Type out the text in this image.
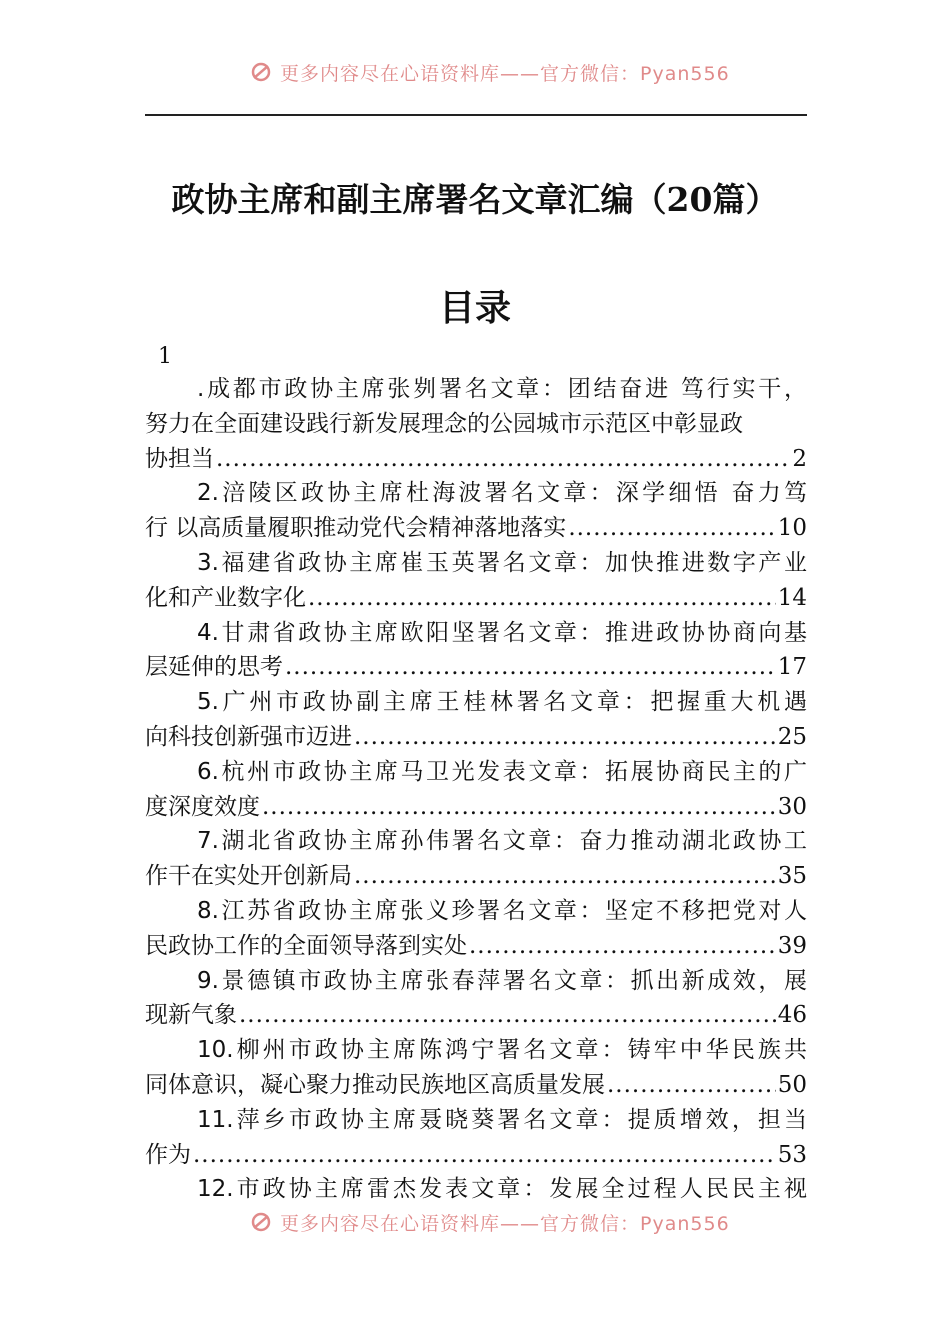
更多内容尽在心语资料库——官方微信：Pyan556
政协主席和副主席署名文章汇编（20篇）
目录
1
.成都市政协主席张刿署名文章：团结奋进 笃行实干，
努力在全面建设践行新发展理念的公园城市示范区中彰显政
协担当 .....	2
2.涪陵区政协主席杜海波署名文章：深学细悟 奋力笃
行 以高质量履职推动党代会精神落地落实 .....	10
3.福建省政协主席崔玉英署名文章：加快推进数字产业
化和产业数字化 .....	14
4.甘肃省政协主席欧阳坚署名文章：推进政协协商向基
层延伸的思考 .....	17
5.广州市政协副主席王桂林署名文章：把握重大机遇
向科技创新强市迈进 .....	25
6.杭州市政协主席马卫光发表文章：拓展协商民主的广
度深度效度 .....	30
7.湖北省政协主席孙伟署名文章：奋力推动湖北政协工
作干在实处开创新局 .....	35
8.江苏省政协主席张义珍署名文章：坚定不移把党对人
民政协工作的全面领导落到实处 .....	39
9.景德镇市政协主席张春萍署名文章：抓出新成效，展
现新气象 .....	46
10.柳州市政协主席陈鸿宁署名文章：铸牢中华民族共
同体意识，凝心聚力推动民族地区高质量发展 .....	50
11.萍乡市政协主席聂晓葵署名文章：提质增效，担当
作为 .....	53
12.市政协主席雷杰发表文章：发展全过程人民民主视
更多内容尽在心语资料库——官方微信：Pyan556
